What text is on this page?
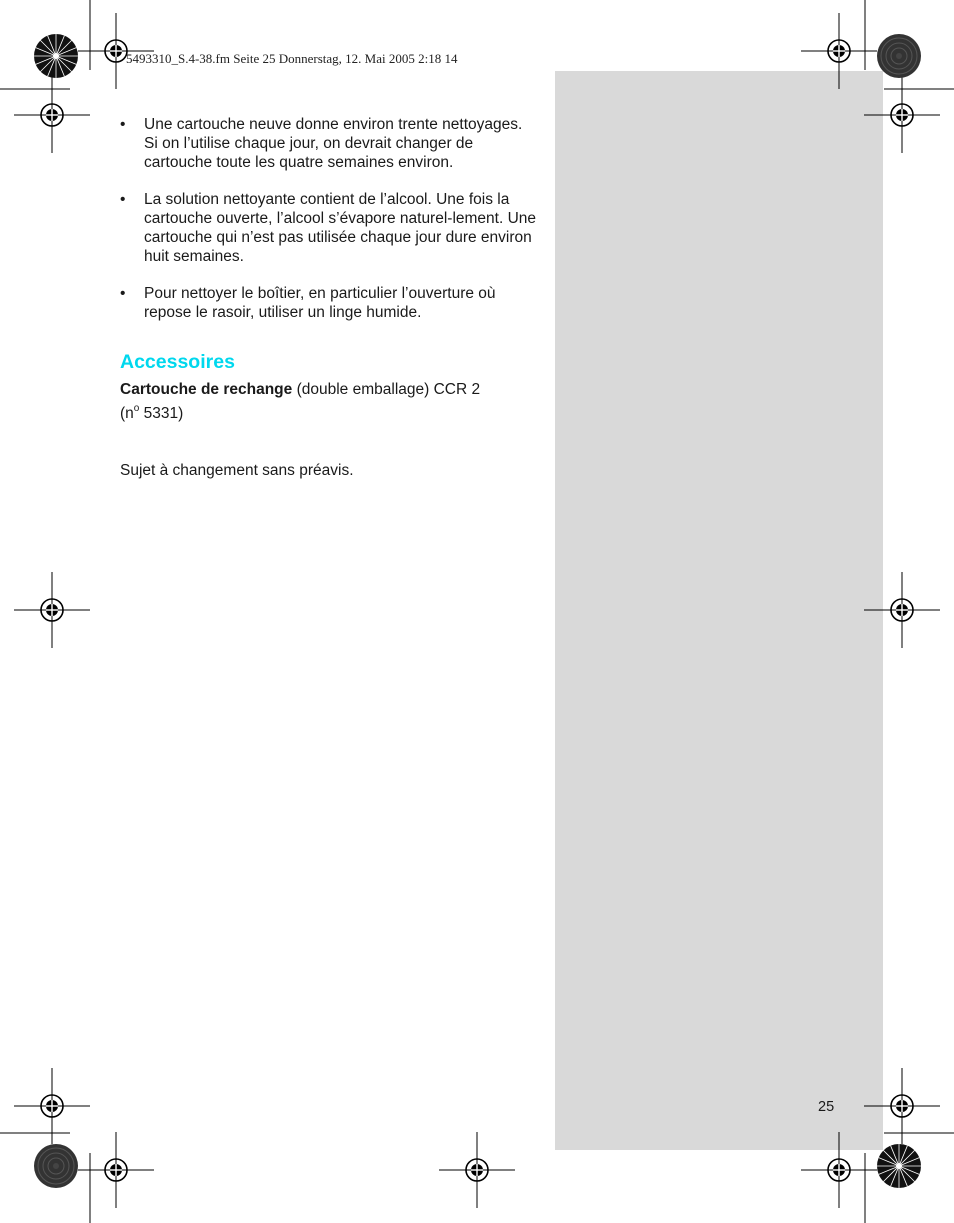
5493310_S.4-38.fm Seite 25 Donnerstag, 12. Mai 2005 2:18 14
• Une cartouche neuve donne environ trente nettoyages. Si on l’utilise chaque jour, on devrait changer de cartouche toute les quatre semaines environ.
• La solution nettoyante contient de l’alcool. Une fois la cartouche ouverte, l’alcool s’évapore naturel-lement. Une cartouche qui n’est pas utilisée chaque jour dure environ huit semaines.
• Pour nettoyer le boîtier, en particulier l’ouverture où repose le rasoir, utiliser un linge humide.
Accessoires

Cartouche de rechange (double emballage) CCR 2
($n^o$ 5331)

Sujet à changement sans préavis.

25
